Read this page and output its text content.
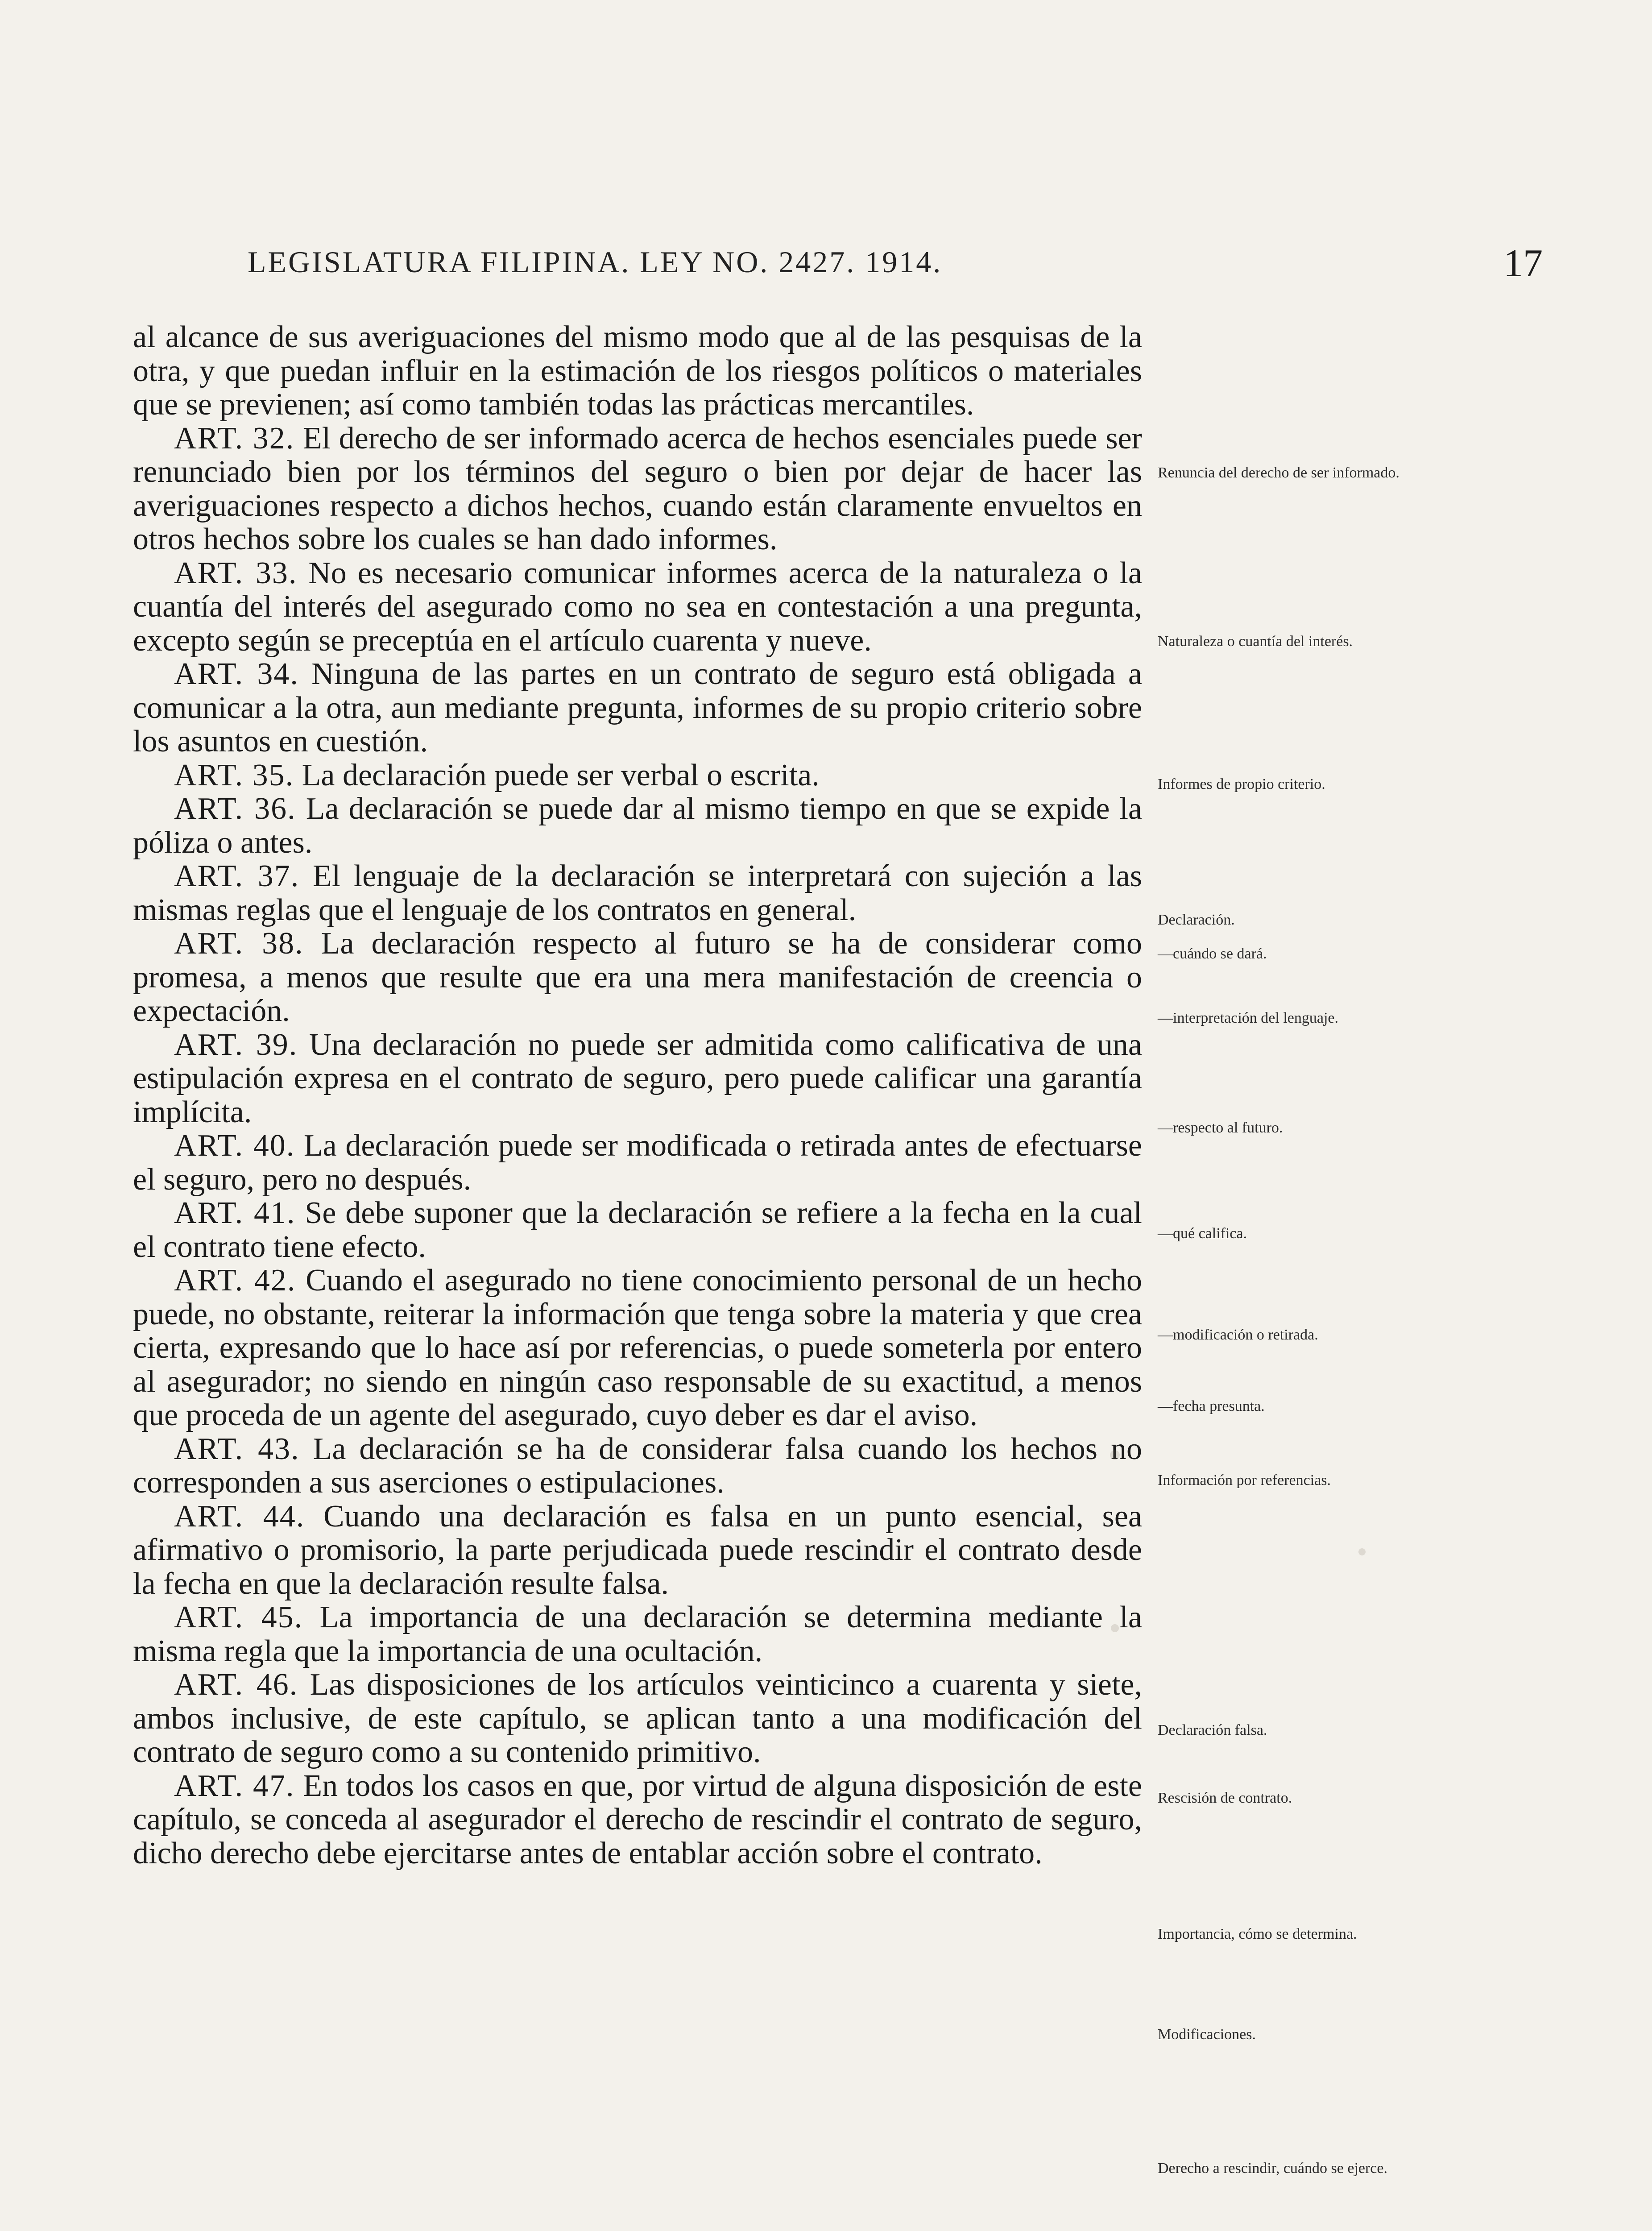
LEGISLATURA FILIPINA. LEY NO. 2427. 1914.	17

al alcance de sus averiguaciones del mismo modo que al de las pesquisas de la otra, y que puedan influir en la estimación de los riesgos políticos o materiales que se previenen; así como también todas las prácticas mercantiles.

ART. 32. El derecho de ser informado acerca de hechos esenciales puede ser renunciado bien por los términos del seguro o bien por dejar de hacer las averiguaciones respecto a dichos hechos, cuando están claramente envueltos en otros hechos sobre los cuales se han dado informes.

ART. 33. No es necesario comunicar informes acerca de la naturaleza o la cuantía del interés del asegurado como no sea en contestación a una pregunta, excepto según se preceptúa en el artículo cuarenta y nueve.

ART. 34. Ninguna de las partes en un contrato de seguro está obligada a comunicar a la otra, aun mediante pregunta, informes de su propio criterio sobre los asuntos en cuestión.

ART. 35. La declaración puede ser verbal o escrita.

ART. 36. La declaración se puede dar al mismo tiempo en que se expide la póliza o antes.

ART. 37. El lenguaje de la declaración se interpretará con sujeción a las mismas reglas que el lenguaje de los contratos en general.

ART. 38. La declaración respecto al futuro se ha de considerar como promesa, a menos que resulte que era una mera manifestación de creencia o expectación.

ART. 39. Una declaración no puede ser admitida como calificativa de una estipulación expresa en el contrato de seguro, pero puede calificar una garantía implícita.

ART. 40. La declaración puede ser modificada o retirada antes de efectuarse el seguro, pero no después.

ART. 41. Se debe suponer que la declaración se refiere a la fecha en la cual el contrato tiene efecto.

ART. 42. Cuando el asegurado no tiene conocimiento personal de un hecho puede, no obstante, reiterar la información que tenga sobre la materia y que crea cierta, expresando que lo hace así por referencias, o puede someterla por entero al asegurador; no siendo en ningún caso responsable de su exactitud, a menos que proceda de un agente del asegurado, cuyo deber es dar el aviso.

ART. 43. La declaración se ha de considerar falsa cuando los hechos no corresponden a sus aserciones o estipulaciones.

ART. 44. Cuando una declaración es falsa en un punto esencial, sea afirmativo o promisorio, la parte perjudicada puede rescindir el contrato desde la fecha en que la declaración resulte falsa.

ART. 45. La importancia de una declaración se determina mediante la misma regla que la importancia de una ocultación.

ART. 46. Las disposiciones de los artículos veinticinco a cuarenta y siete, ambos inclusive, de este capítulo, se aplican tanto a una modificación del contrato de seguro como a su contenido primitivo.

ART. 47. En todos los casos en que, por virtud de alguna disposición de este capítulo, se conceda al asegurador el derecho de rescindir el contrato de seguro, dicho derecho debe ejercitarse antes de entablar acción sobre el contrato.

Renuncia del derecho de ser informado.
Naturaleza o cuantía del interés.
Informes de propio criterio.
Declaración.
—cuándo se dará.
—interpretación del lenguaje.
—respecto al futuro.
—qué califica.
—modificación o retirada.
—fecha presunta.
Información por referencias.
Declaración falsa.
Rescisión de contrato.
Importancia, cómo se determina.
Modificaciones.
Derecho a rescindir, cuándo se ejerce.
